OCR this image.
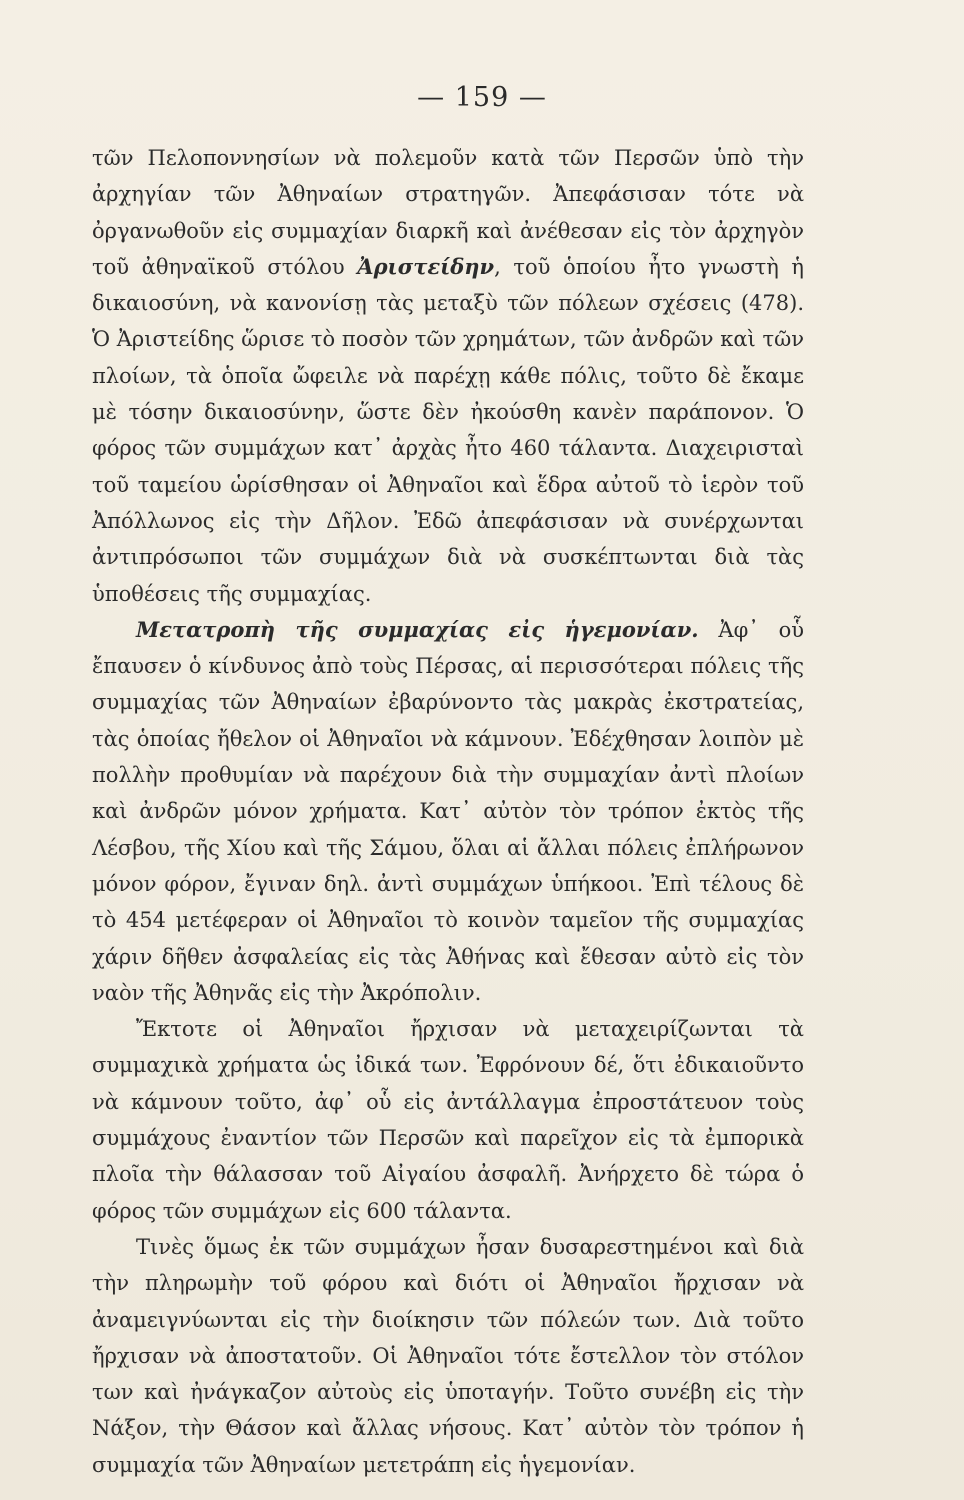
— 159 —

τῶν Πελοποννησίων νὰ πολεμοῦν κατὰ τῶν Περσῶν ὑπὸ τὴν ἀρχηγίαν τῶν Ἀθηναίων στρατηγῶν. Ἀπεφάσισαν τότε νὰ ὀργανωθοῦν εἰς συμμαχίαν διαρκῆ καὶ ἀνέθεσαν εἰς τὸν ἀρχηγὸν τοῦ ἀθηναϊκοῦ στόλου Ἀριστείδην, τοῦ ὁποίου ἦτο γνωστὴ ἡ δικαιοσύνη, νὰ κανονίσῃ τὰς μεταξὺ τῶν πόλεων σχέσεις (478). Ὁ Ἀριστείδης ὥρισε τὸ ποσὸν τῶν χρημάτων, τῶν ἀνδρῶν καὶ τῶν πλοίων, τὰ ὁποῖα ὤφειλε νὰ παρέχῃ κάθε πόλις, τοῦτο δὲ ἔκαμε μὲ τόσην δικαιοσύνην, ὥστε δὲν ἠκούσθη κανὲν παράπονον. Ὁ φόρος τῶν συμμάχων κατ᾽ ἀρχὰς ἦτο 460 τάλαντα. Διαχειρισταὶ τοῦ ταμείου ὡρίσθησαν οἱ Ἀθηναῖοι καὶ ἕδρα αὐτοῦ τὸ ἱερὸν τοῦ Ἀπόλλωνος εἰς τὴν Δῆλον. Ἐδῶ ἀπεφάσισαν νὰ συνέρχωνται ἀντιπρόσωποι τῶν συμμάχων διὰ νὰ συσκέπτωνται διὰ τὰς ὑποθέσεις τῆς συμμαχίας.

Μετατροπὴ τῆς συμμαχίας εἰς ἡγεμονίαν. Ἀφ᾽ οὗ ἔπαυσεν ὁ κίνδυνος ἀπὸ τοὺς Πέρσας, αἱ περισσότεραι πόλεις τῆς συμμαχίας τῶν Ἀθηναίων ἐβαρύνοντο τὰς μακρὰς ἐκστρατείας, τὰς ὁποίας ἤθελον οἱ Ἀθηναῖοι νὰ κάμνουν. Ἐδέχθησαν λοιπὸν μὲ πολλὴν προθυμίαν νὰ παρέχουν διὰ τὴν συμμαχίαν ἀντὶ πλοίων καὶ ἀνδρῶν μόνον χρήματα. Κατ᾽ αὐτὸν τὸν τρόπον ἐκτὸς τῆς Λέσβου, τῆς Χίου καὶ τῆς Σάμου, ὅλαι αἱ ἄλλαι πόλεις ἐπλήρωνον μόνον φόρον, ἔγιναν δηλ. ἀντὶ συμμάχων ὑπήκοοι. Ἐπὶ τέλους δὲ τὸ 454 μετέφεραν οἱ Ἀθηναῖοι τὸ κοινὸν ταμεῖον τῆς συμμαχίας χάριν δῆθεν ἀσφαλείας εἰς τὰς Ἀθήνας καὶ ἔθεσαν αὐτὸ εἰς τὸν ναὸν τῆς Ἀθηνᾶς εἰς τὴν Ἀκρόπολιν.

Ἔκτοτε οἱ Ἀθηναῖοι ἤρχισαν νὰ μεταχειρίζωνται τὰ συμμαχικὰ χρήματα ὡς ἰδικά των. Ἐφρόνουν δέ, ὅτι ἐδικαιοῦντο νὰ κάμνουν τοῦτο, ἀφ᾽ οὗ εἰς ἀντάλλαγμα ἐπροστάτευον τοὺς συμμάχους ἐναντίον τῶν Περσῶν καὶ παρεῖχον εἰς τὰ ἐμπορικὰ πλοῖα τὴν θάλασσαν τοῦ Αἰγαίου ἀσφαλῆ. Ἀνήρχετο δὲ τώρα ὁ φόρος τῶν συμμάχων εἰς 600 τάλαντα.

Τινὲς ὅμως ἐκ τῶν συμμάχων ἦσαν δυσαρεστημένοι καὶ διὰ τὴν πληρωμὴν τοῦ φόρου καὶ διότι οἱ Ἀθηναῖοι ἤρχισαν νὰ ἀναμειγνύωνται εἰς τὴν διοίκησιν τῶν πόλεών των. Διὰ τοῦτο ἤρχισαν νὰ ἀποστατοῦν. Οἱ Ἀθηναῖοι τότε ἔστελλον τὸν στόλον των καὶ ἠνάγκαζον αὐτοὺς εἰς ὑποταγήν. Τοῦτο συνέβη εἰς τὴν Νάξον, τὴν Θάσον καὶ ἄλλας νήσους. Κατ᾽ αὐτὸν τὸν τρόπον ἡ συμμαχία τῶν Ἀθηναίων μετετράπη εἰς ἡγεμονίαν.
